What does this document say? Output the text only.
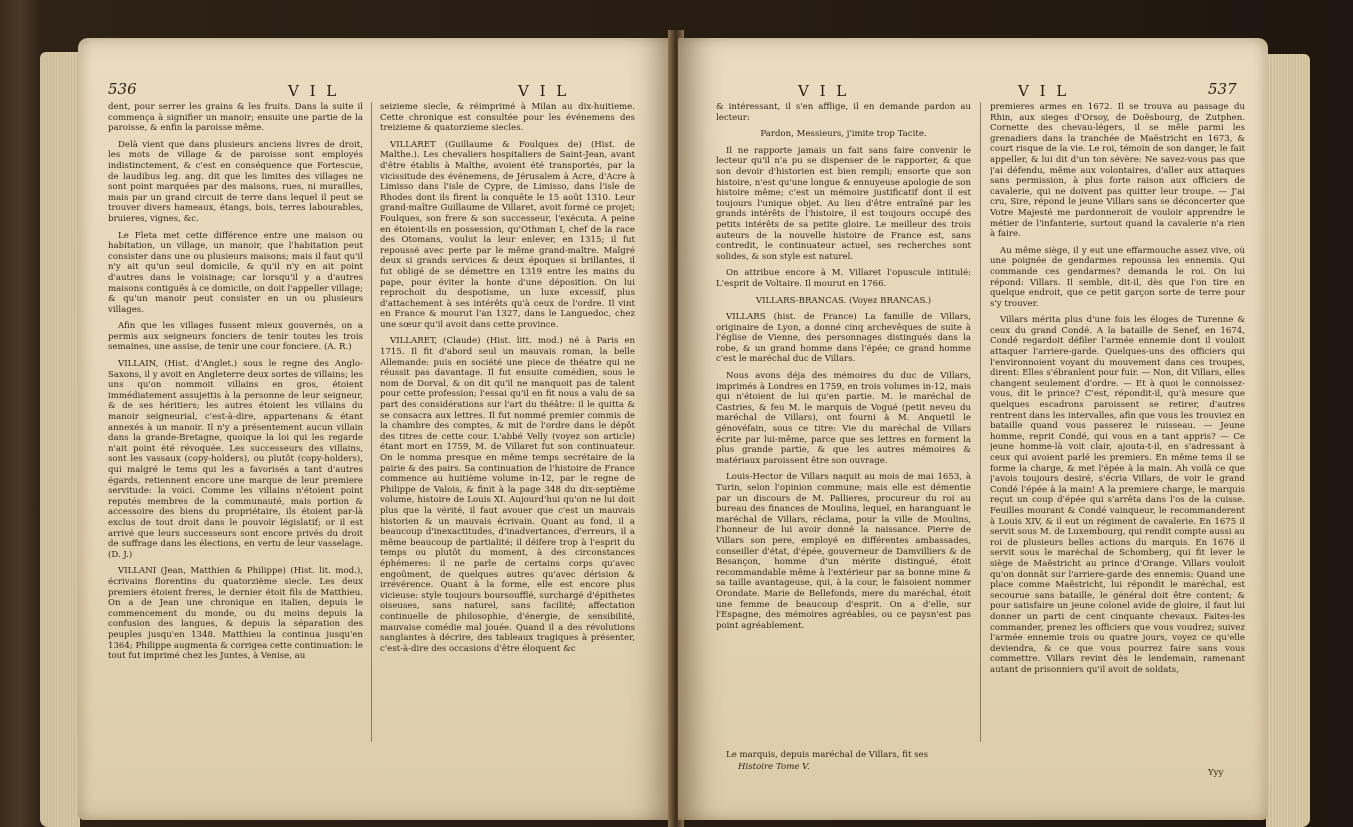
536	V I L	V I L

dent, pour serrer les grains & les fruits. Dans la suite il commença à signifier un manoir; ensuite une partie de la paroisse, & enfin la paroisse même.

Delà vient que dans plusieurs anciens livres de droit, les mots de village & de paroisse sont employés indistinctement, & c'est en conséquence que Fortescue, de laudibus leg. ang. dit que les limites des villages ne sont point marquées par des maisons, rues, ni murailles, mais par un grand circuit de terre dans lequel il peut se trouver divers hameaux, étangs, bois, terres labourables, bruieres, vignes, &c.

Le Fleta met cette différence entre une maison ou habitation, un village, un manoir, que l'habitation peut consister dans une ou plusieurs maisons; mais il faut qu'il n'y ait qu'un seul domicile, & qu'il n'y en ait point d'autres dans le voisinage; car lorsqu'il y a d'autres maisons contiguës à ce domicile, on doit l'appeller village; & qu'un manoir peut consister en un ou plusieurs villages.

Afin que les villages fussent mieux gouvernés, on a permis aux seigneurs fonciers de tenir toutes les trois semaines, une assise, de tenir une cour fonciere. (A. R.)

VILLAIN, (Hist. d'Anglet.) sous le regne des Anglo-Saxons, il y avoit en Angleterre deux sortes de villains; les uns qu'on nommoit villains en gros, étoient immédiatement assujettis à la personne de leur seigneur, & de ses héritiers; les autres étoient les villains du manoir seigneurial, c'est-à-dire, appartenans & étant annexés à un manoir. Il n'y a présentement aucun villain dans la grande-Bretagne, quoique la loi qui les regarde n'ait point été révoquée. Les successeurs des villains, sont les vassaux (copy-holders), ou plutôt (copy-holders), qui malgré le tems qui les a favorisés a tant d'autres égards, retiennent encore une marque de leur premiere servitude: la voici. Comme les villains n'étoient point reputés membres de la communauté, mais portion & accessoire des biens du propriétaire, ils étoient par-là exclus de tout droit dans le pouvoir législatif; or il est arrivé que leurs successeurs sont encore privés du droit de suffrage dans les élections, en vertu de leur vasselage. (D. J.)

VILLANI (Jean, Matthien & Philippe) (Hist. lit. mod.), écrivains florentins du quatorzième siecle. Les deux premiers étoient freres, le dernier étoit fils de Matthieu. On a de Jean une chronique en italien, depuis le commencement du monde, ou du moins depuis la confusion des langues, & depuis la séparation des peuples jusqu'en 1348. Matthieu la continua jusqu'en 1364; Philippe augmenta & corrigea cette continuation: le tout fut imprimé chez les Juntes, à Venise, au

seizieme siecle, & réimprimé à Milan au dix-huitieme. Cette chronique est consultée pour les événemens des treizieme & quatorzieme siecles.

VILLARET (Guillaume & Foulques de) (Hist. de Malthe.). Les chevaliers hospitaliers de Saint-Jean, avant d'être établis à Malthe, avoient été transportés, par la vicissitude des événemens, de Jérusalem à Acre, d'Acre à Limisso dans l'isle de Cypre, de Limisso, dans l'isle de Rhodes dont ils firent la conquête le 15 août 1310. Leur grand-maître Guillaume de Villaret, avoit formé ce projet; Foulques, son frere & son successeur, l'exécuta. A peine en étoient-ils en possession, qu'Othman I, chef de la race des Otomans, voulut la leur enlever, en 1315; il fut repoussé avec perte par le même grand-maître. Malgré deux si grands services & deux époques si brillantes, il fut obligé de se démettre en 1319 entre les mains du pape, pour éviter la honte d'une déposition. On lui reprochoit du despotisme, un luxe excessif, plus d'attachement à ses intérêts qu'à ceux de l'ordre. Il vint en France & mourut l'an 1327, dans le Languedoc, chez une sœur qu'il avoit dans cette province.

VILLARET, (Claude) (Hist. litt. mod.) né à Paris en 1715. Il fit d'abord seul un mauvais roman, la belle Allemande: puis en société une piece de théatre qui ne réussit pas davantage. Il fut ensuite comédien, sous le nom de Dorval, & on dit qu'il ne manquoit pas de talent pour cette profession; l'essai qu'il en fit nous a valu de sa part des considérations sur l'art du théâtre: il le quitta & se consacra aux lettres. Il fut nommé premier commis de la chambre des comptes, & mit de l'ordre dans le dépôt des titres de cette cour. L'abbé Velly (voyez son article) étant mort en 1759, M. de Villaret fut son continuateur. On le nomma presque en même temps secrétaire de la pairie & des pairs. Sa continuation de l'histoire de France commence au huitième volume in-12, par le regne de Philippe de Valois, & finit à la page 348 du dix-septième volume, histoire de Louis XI. Aujourd'hui qu'on ne lui doit plus que la vérité, il faut avouer que c'est un mauvais historien & un mauvais écrivain. Quant au fond, il a beaucoup d'inexactitudes, d'inadvertances, d'erreurs, il a même beaucoup de partialité; il déifere trop à l'esprit du temps ou plutôt du moment, à des circonstances éphémeres: il ne parle de certains corps qu'avec engoûment, de quelques autres qu'avec dérision & irrévérence. Quant à la forme, elle est encore plus vicieuse: style toujours boursoufflé, surchargé d'épithetes oiseuses, sans naturel, sans facilité; affectation continuelle de philosophie, d'énergie, de sensibilité, mauvaise comédie mal jouée. Quand il a des révolutions sanglantes à décrire, des tableaux tragiques à présenter, c'est-à-dire des occasions d'être éloquent &c

V I L	V I L	537

& intéressant, il s'en afflige, il en demande pardon au lecteur:

Pardon, Messieurs, j'imite trop Tacite.

Il ne rapporte jamais un fait sans faire convenir le lecteur qu'il n'a pu se dispenser de le rapporter, & que son devoir d'historien est bien rempli; ensorte que son histoire, n'est qu'une longue & ennuyeuse apologie de son histoire même; c'est un mémoire justificatif dont il est toujours l'unique objet. Au lieu d'être entraîné par les grands intérêts de l'histoire, il est toujours occupé des petits intérêts de sa petite gloire. Le meilleur des trois auteurs de la nouvelle histoire de France est, sans contredit, le continuateur actuel, ses recherches sont solides, & son style est naturel.

On attribue encore à M. Villaret l'opuscule intitulé: L'esprit de Voltaire. Il mourut en 1766.

VILLARS-BRANCAS. (Voyez BRANCAS.)

VILLARS (hist. de France) La famille de Villars, originaire de Lyon, a donné cinq archevêques de suite à l'église de Vienne, des personnages distingués dans la robe, & un grand homme dans l'épée; ce grand homme c'est le maréchal duc de Villars.

Nous avons déja des mémoires du duc de Villars, imprimés à Londres en 1759, en trois volumes in-12, mais qui n'étoient de lui qu'en partie. M. le maréchal de Castries, & feu M. le marquis de Vogué (petit neveu du maréchal de Villars), ont fourni à M. Anquetil le génovéfain, sous ce titre: Vie du maréchal de Villars écrite par lui-même, parce que ses lettres en forment la plus grande partie, & que les autres mémoires & matériaux paroissent être son ouvrage.

Louis-Hector de Villars naquit au mois de mai 1653, à Turin, selon l'opinion commune; mais elle est démentie par un discours de M. Pallieres, procureur du roi au bureau des finances de Moulins, lequel, en haranguant le maréchal de Villars, réclama, pour la ville de Moulins, l'honneur de lui avoir donné la naissance. Pierre de Villars son pere, employé en différentes ambassades, conseiller d'état, d'épée, gouverneur de Damvilliers & de Besançon, homme d'un mérite distingué, étoit recommandable même à l'extérieur par sa bonne mine & sa taille avantageuse, qui, à la cour, le faisoient nommer Orondate. Marie de Bellefonds, mere du maréchal, étoit une femme de beaucoup d'esprit. On a d'elle, sur l'Espagne, des mémoires agréables, ou ce paysn'est pas point agréablement.

Le marquis, depuis maréchal de Villars, fit ses
Histoire Tome V.

premieres armes en 1672. Il se trouva au passage du Rhin, aux sieges d'Orsoy, de Doësbourg, de Zutphen. Cornette des chevau-légers, il se mêle parmi les grenadiers dans la tranchée de Maëstricht en 1673, & court risque de la vie. Le roi, témoin de son danger, le fait appeller, & lui dit d'un ton sévère: Ne savez-vous pas que j'ai défendu, même aux volontaires, d'aller aux attaques sans permission, à plus forte raison aux officiers de cavalerie, qui ne doivent pas quitter leur troupe. — J'ai cru, Sire, répond le jeune Villars sans se déconcerter que Votre Majesté me pardonneroit de vouloir apprendre le métier de l'infanterie, surtout quand la cavalerie n'a rien à faire.

Au même siège, il y eut une effarmouche assez vive, où une poignée de gendarmes repoussa les ennemis. Qui commande ces gendarmes? demanda le roi. On lui répond: Villars. Il semble, dit-il, dès que l'on tire en quelque endroit, que ce petit garçon sorte de terre pour s'y trouver.

Villars mérita plus d'une fois les éloges de Turenne & ceux du grand Condé. A la bataille de Senef, en 1674, Condé regardoit défiler l'armée ennemie dont il vouloit attaquer l'arriere-garde. Quelques-uns des officiers qui l'environnoient voyant du mouvement dans ces troupes, dirent: Elles s'ébranlent pour fuir. — Non, dit Villars, elles changent seulement d'ordre. — Et à quoi le connoissez-vous, dit le prince? C'est, répondit-il, qu'à mesure que quelques escadrons paroissent se retirer, d'autres rentrent dans les intervalles, afin que vous les trouviez en bataille quand vous passerez le ruisseau. — Jeune homme, reprit Condé, qui vous en a tant appris? — Ce jeune homme-là voit clair, ajouta-t-il, en s'adressant à ceux qui avoient parlé les premiers. En même tems il se forme la charge, & met l'épée à la main. Ah voilà ce que j'avois toujours desiré, s'écria Villars, de voir le grand Condé l'épée à la main! A la premiere charge, le marquis reçut un coup d'épée qui s'arrêta dans l'os de la cuisse. Feuilles mourant & Condé vainqueur, le recommanderent à Louis XIV, & il eut un régiment de cavalerie. En 1675 il servit sous M. de Luxembourg, qui rendit compte aussi au roi de plusieurs belles actions du marquis. En 1676 il servit sous le maréchal de Schomberg, qui fit lever le siège de Maëstricht au prince d'Orange. Villars vouloit qu'on donnât sur l'arriere-garde des ennemis: Quand une place comme Maëstricht, lui répondit le maréchal, est secourue sans bataille, le général doit être content; & pour satisfaire un jeune colonel avide de gloire, il faut lui donner un parti de cent cinquante chevaux. Faites-les commander, prenez les officiers que vous voudrez; suivez l'armée ennemie trois ou quatre jours, voyez ce qu'elle deviendra, & ce que vous pourrez faire sans vous commettre. Villars revint dès le lendemain, ramenant autant de prisonniers qu'il avoit de soldats,

Yyy
